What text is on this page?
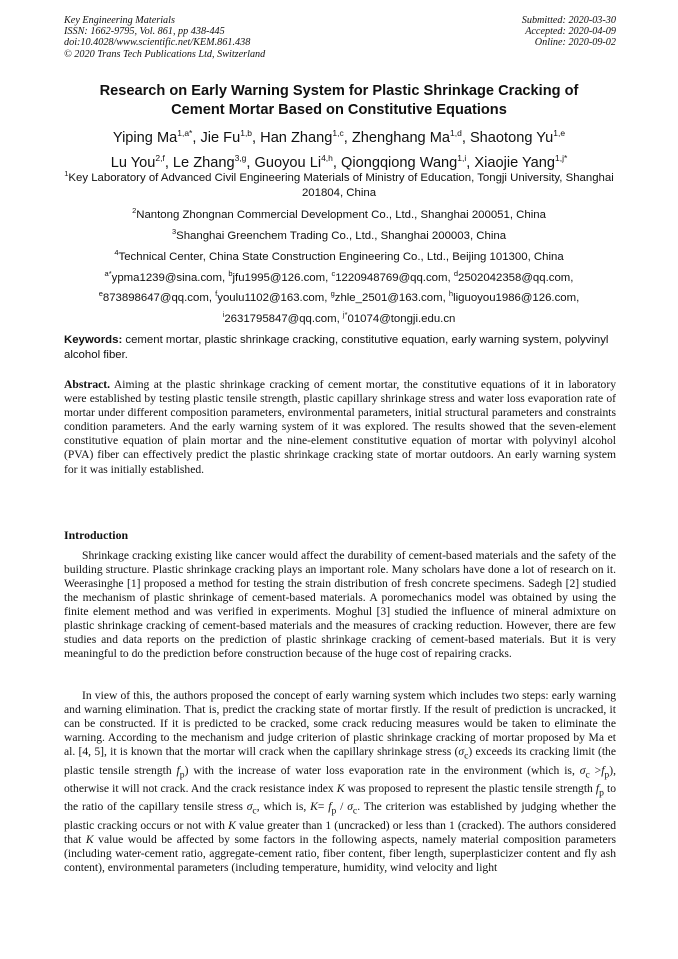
Key Engineering Materials
ISSN: 1662-9795, Vol. 861, pp 438-445
doi:10.4028/www.scientific.net/KEM.861.438
© 2020 Trans Tech Publications Ltd, Switzerland
Submitted: 2020-03-30
Accepted: 2020-04-09
Online: 2020-09-02
Research on Early Warning System for Plastic Shrinkage Cracking of
Cement Mortar Based on Constitutive Equations
Yiping $Ma^{1,a*}$, Jie Fu$^{1,b}$, Han Zhang$^{1,c}$, Zhenghang Ma$^{1,d}$, Shaotong Yu$^{1,e}$
Lu You$^{2,f}$, Le Zhang$^{3,g}$, Guoyou Li$^{4,h}$, Qiongqiong Wang$^{1,i}$, Xiaojie Yang$^{1,j*}$
$^1$Key Laboratory of Advanced Civil Engineering Materials of Ministry of Education, Tongji University, Shanghai 201804, China
$^2$Nantong Zhongnan Commercial Development Co., Ltd., Shanghai 200051, China
$^3$Shanghai Greenchem Trading Co., Ltd., Shanghai 200003, China
$^4$Technical Center, China State Construction Engineering Co., Ltd., Beijing 101300, China
$^{a*}$ypma1239@sina.com, $^b$jfu1995@126.com, $^c$1220948769@qq.com, $^d$2502042358@qq.com,
$^e$873898647@qq.com, $^f$youlu1102@163.com, $^g$zhle_2501@163.com, $^h$liguoyou1986@126.com,
$^i$2631795847@qq.com, $^{j*}$01074@tongji.edu.cn
Keywords: cement mortar, plastic shrinkage cracking, constitutive equation, early warning system, polyvinyl alcohol fiber.
Abstract. Aiming at the plastic shrinkage cracking of cement mortar, the constitutive equations of it in laboratory were established by testing plastic tensile strength, plastic capillary shrinkage stress and water loss evaporation rate of mortar under different composition parameters, environmental parameters, initial structural parameters and constraints condition parameters. And the early warning system of it was explored. The results showed that the seven-element constitutive equation of plain mortar and the nine-element constitutive equation of mortar with polyvinyl alcohol (PVA) fiber can effectively predict the plastic shrinkage cracking state of mortar outdoors. An early warning system for it was initially established.
Introduction

Shrinkage cracking existing like cancer would affect the durability of cement-based materials and the safety of the building structure. Plastic shrinkage cracking plays an important role. Many scholars have done a lot of research on it. Weerasinghe [1] proposed a method for testing the strain distribution of fresh concrete specimens. Sadegh [2] studied the mechanism of plastic shrinkage of cement-based materials. A poromechanics model was obtained by using the finite element method and was verified in experiments. Moghul [3] studied the influence of mineral admixture on plastic shrinkage cracking of cement-based materials and the measures of cracking reduction. However, there are few studies and data reports on the prediction of plastic shrinkage cracking of cement-based materials. But it is very meaningful to do the prediction before construction because of the huge cost of repairing cracks.

In view of this, the authors proposed the concept of early warning system which includes two steps: early warning and warning elimination. That is, predict the cracking state of mortar firstly. If the result of prediction is uncracked, it can be constructed. If it is predicted to be cracked, some crack reducing measures would be taken to eliminate the warning. According to the mechanism and judge criterion of plastic shrinkage cracking of mortar proposed by Ma et al. [4, 5], it is known that the mortar will crack when the capillary shrinkage stress $(\sigma_c)$ exceeds its cracking limit (the plastic tensile strength $f_p$) with the increase of water loss evaporation rate in the environment (which is, $\sigma_c >f_p$), otherwise it will not crack. And the crack resistance index K was proposed to represent the plastic tensile strength $f_p$ to the ratio of the capillary tensile stress $\sigma_c$, which is, $K= f_p / \sigma_c$. The criterion was established by judging whether the plastic cracking occurs or not with K value greater than 1 (uncracked) or less than 1 (cracked). The authors considered that K value would be affected by some factors in the following aspects, namely material composition parameters (including water-cement ratio, aggregate-cement ratio, fiber content, fiber length, superplasticizer content and fly ash content), environmental parameters (including temperature, humidity, wind velocity and light
